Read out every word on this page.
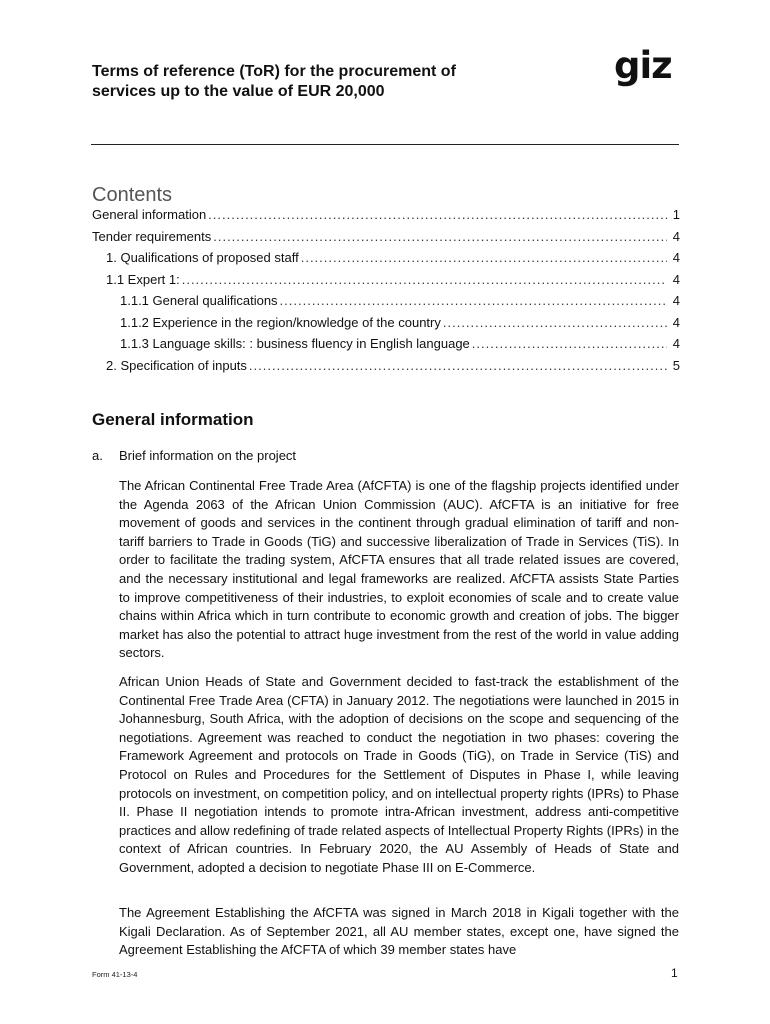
Terms of reference (ToR) for the procurement of services up to the value of EUR 20,000
giz
Contents
General information .....	1
Tender requirements .....	4
1. Qualifications of proposed staff .....	4
1.1 Expert 1: .....	4
1.1.1 General qualifications .....	4
1.1.2 Experience in the region/knowledge of the country .....	4
1.1.3 Language skills: : business fluency in English language .....	4
2. Specification of inputs .....	5
General information
a. Brief information on the project
The African Continental Free Trade Area (AfCFTA) is one of the flagship projects identified under the Agenda 2063 of the African Union Commission (AUC). AfCFTA is an initiative for free movement of goods and services in the continent through gradual elimination of tariff and non-tariff barriers to Trade in Goods (TiG) and successive liberalization of Trade in Services (TiS). In order to facilitate the trading system, AfCFTA ensures that all trade related issues are covered, and the necessary institutional and legal frameworks are realized. AfCFTA assists State Parties to improve competitiveness of their industries, to exploit economies of scale and to create value chains within Africa which in turn contribute to economic growth and creation of jobs. The bigger market has also the potential to attract huge investment from the rest of the world in value adding sectors.
African Union Heads of State and Government decided to fast-track the establishment of the Continental Free Trade Area (CFTA) in January 2012. The negotiations were launched in 2015 in Johannesburg, South Africa, with the adoption of decisions on the scope and sequencing of the negotiations. Agreement was reached to conduct the negotiation in two phases: covering the Framework Agreement and protocols on Trade in Goods (TiG), on Trade in Service (TiS) and Protocol on Rules and Procedures for the Settlement of Disputes in Phase I, while leaving protocols on investment, on competition policy, and on intellectual property rights (IPRs) to Phase II. Phase II negotiation intends to promote intra-African investment, address anti-competitive practices and allow redefining of trade related aspects of Intellectual Property Rights (IPRs) in the context of African countries. In February 2020, the AU Assembly of Heads of State and Government, adopted a decision to negotiate Phase III on E-Commerce.
The Agreement Establishing the AfCFTA was signed in March 2018 in Kigali together with the Kigali Declaration. As of September 2021, all AU member states, except one, have signed the Agreement Establishing the AfCFTA of which 39 member states have
Form 41-13-4	1
